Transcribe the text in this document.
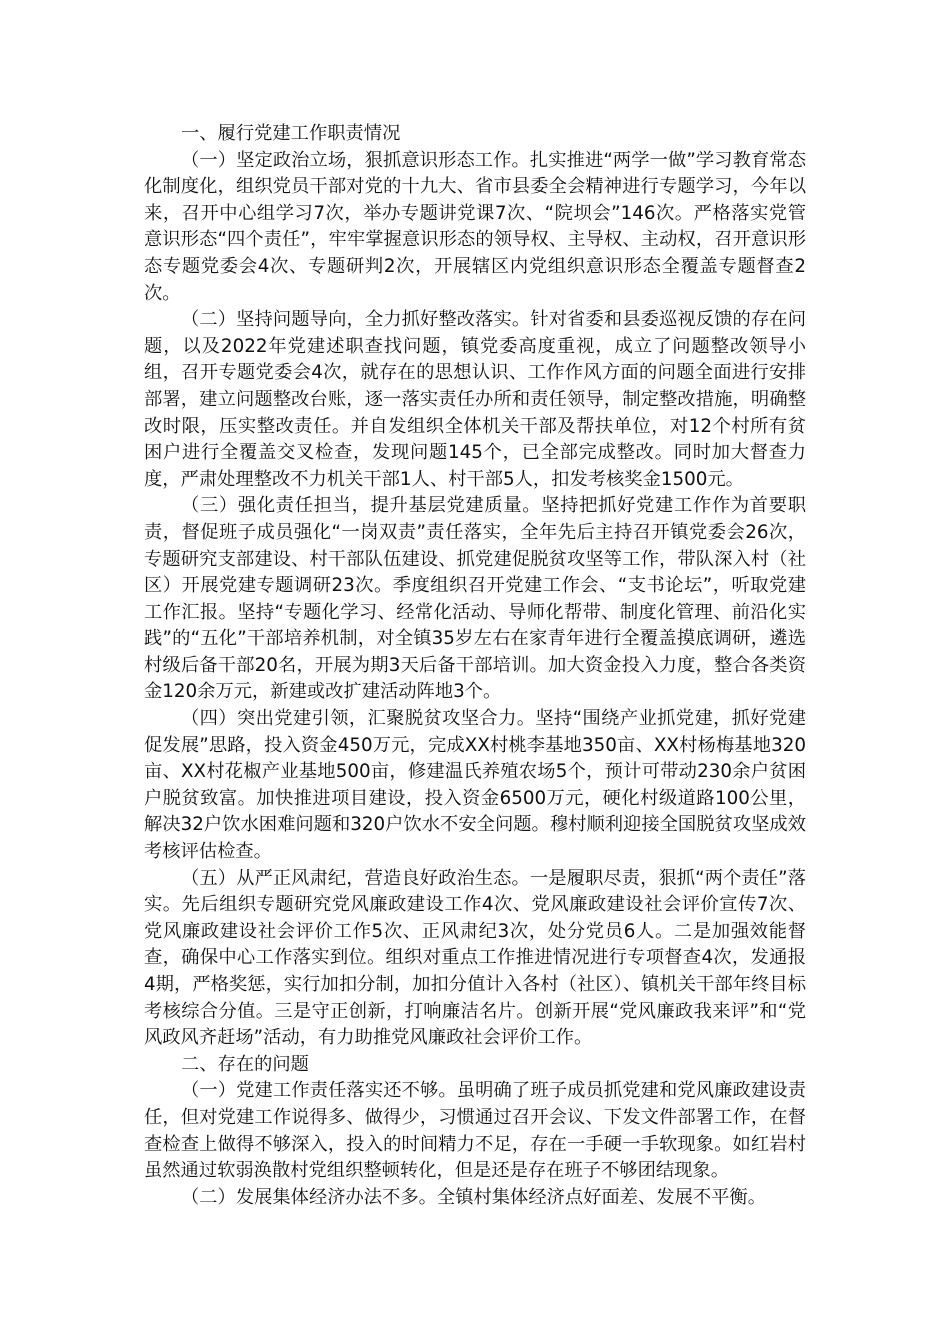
一、履行党建工作职责情况

（一）坚定政治立场，狠抓意识形态工作。扎实推进“两学一做”学习教育常态化制度化，组织党员干部对党的十九大、省市县委全会精神进行专题学习，今年以来，召开中心组学习7次，举办专题讲党课7次、“院坝会”146次。严格落实党管意识形态“四个责任”，牢牢掌握意识形态的领导权、主导权、主动权，召开意识形态专题党委会4次、专题研判2次，开展辖区内党组织意识形态全覆盖专题督查2次。

（二）坚持问题导向，全力抓好整改落实。针对省委和县委巡视反馈的存在问题，以及2022年党建述职查找问题，镇党委高度重视，成立了问题整改领导小组，召开专题党委会4次，就存在的思想认识、工作作风方面的问题全面进行安排部署，建立问题整改台账，逐一落实责任办所和责任领导，制定整改措施，明确整改时限，压实整改责任。并自发组织全体机关干部及帮扶单位，对12个村所有贫困户进行全覆盖交叉检查，发现问题145个，已全部完成整改。同时加大督查力度，严肃处理整改不力机关干部1人、村干部5人，扣发考核奖金1500元。

（三）强化责任担当，提升基层党建质量。坚持把抓好党建工作作为首要职责，督促班子成员强化“一岗双责”责任落实，全年先后主持召开镇党委会26次，专题研究支部建设、村干部队伍建设、抓党建促脱贫攻坚等工作，带队深入村（社区）开展党建专题调研23次。季度组织召开党建工作会、“支书论坛”，听取党建工作汇报。坚持“专题化学习、经常化活动、导师化帮带、制度化管理、前沿化实践”的“五化”干部培养机制，对全镇35岁左右在家青年进行全覆盖摸底调研，遴选村级后备干部20名，开展为期3天后备干部培训。加大资金投入力度，整合各类资金120余万元，新建或改扩建活动阵地3个。

（四）突出党建引领，汇聚脱贫攻坚合力。坚持“围绕产业抓党建，抓好党建促发展”思路，投入资金450万元，完成XX村桃李基地350亩、XX村杨梅基地320亩、XX村花椒产业基地500亩，修建温氏养殖农场5个，预计可带动230余户贫困户脱贫致富。加快推进项目建设，投入资金6500万元，硬化村级道路100公里，解决32户饮水困难问题和320户饮水不安全问题。穆村顺利迎接全国脱贫攻坚成效考核评估检查。

（五）从严正风肃纪，营造良好政治生态。一是履职尽责，狠抓“两个责任”落实。先后组织专题研究党风廉政建设工作4次、党风廉政建设社会评价宣传7次、党风廉政建设社会评价工作5次、正风肃纪3次，处分党员6人。二是加强效能督查，确保中心工作落实到位。组织对重点工作推进情况进行专项督查4次，发通报4期，严格奖惩，实行加扣分制，加扣分值计入各村（社区）、镇机关干部年终目标考核综合分值。三是守正创新，打响廉洁名片。创新开展“党风廉政我来评”和“党风政风齐赶场”活动，有力助推党风廉政社会评价工作。

二、存在的问题

（一）党建工作责任落实还不够。虽明确了班子成员抓党建和党风廉政建设责任，但对党建工作说得多、做得少，习惯通过召开会议、下发文件部署工作，在督查检查上做得不够深入，投入的时间精力不足，存在一手硬一手软现象。如红岩村虽然通过软弱涣散村党组织整顿转化，但是还是存在班子不够团结现象。

（二）发展集体经济办法不多。全镇村集体经济点好面差、发展不平衡。
